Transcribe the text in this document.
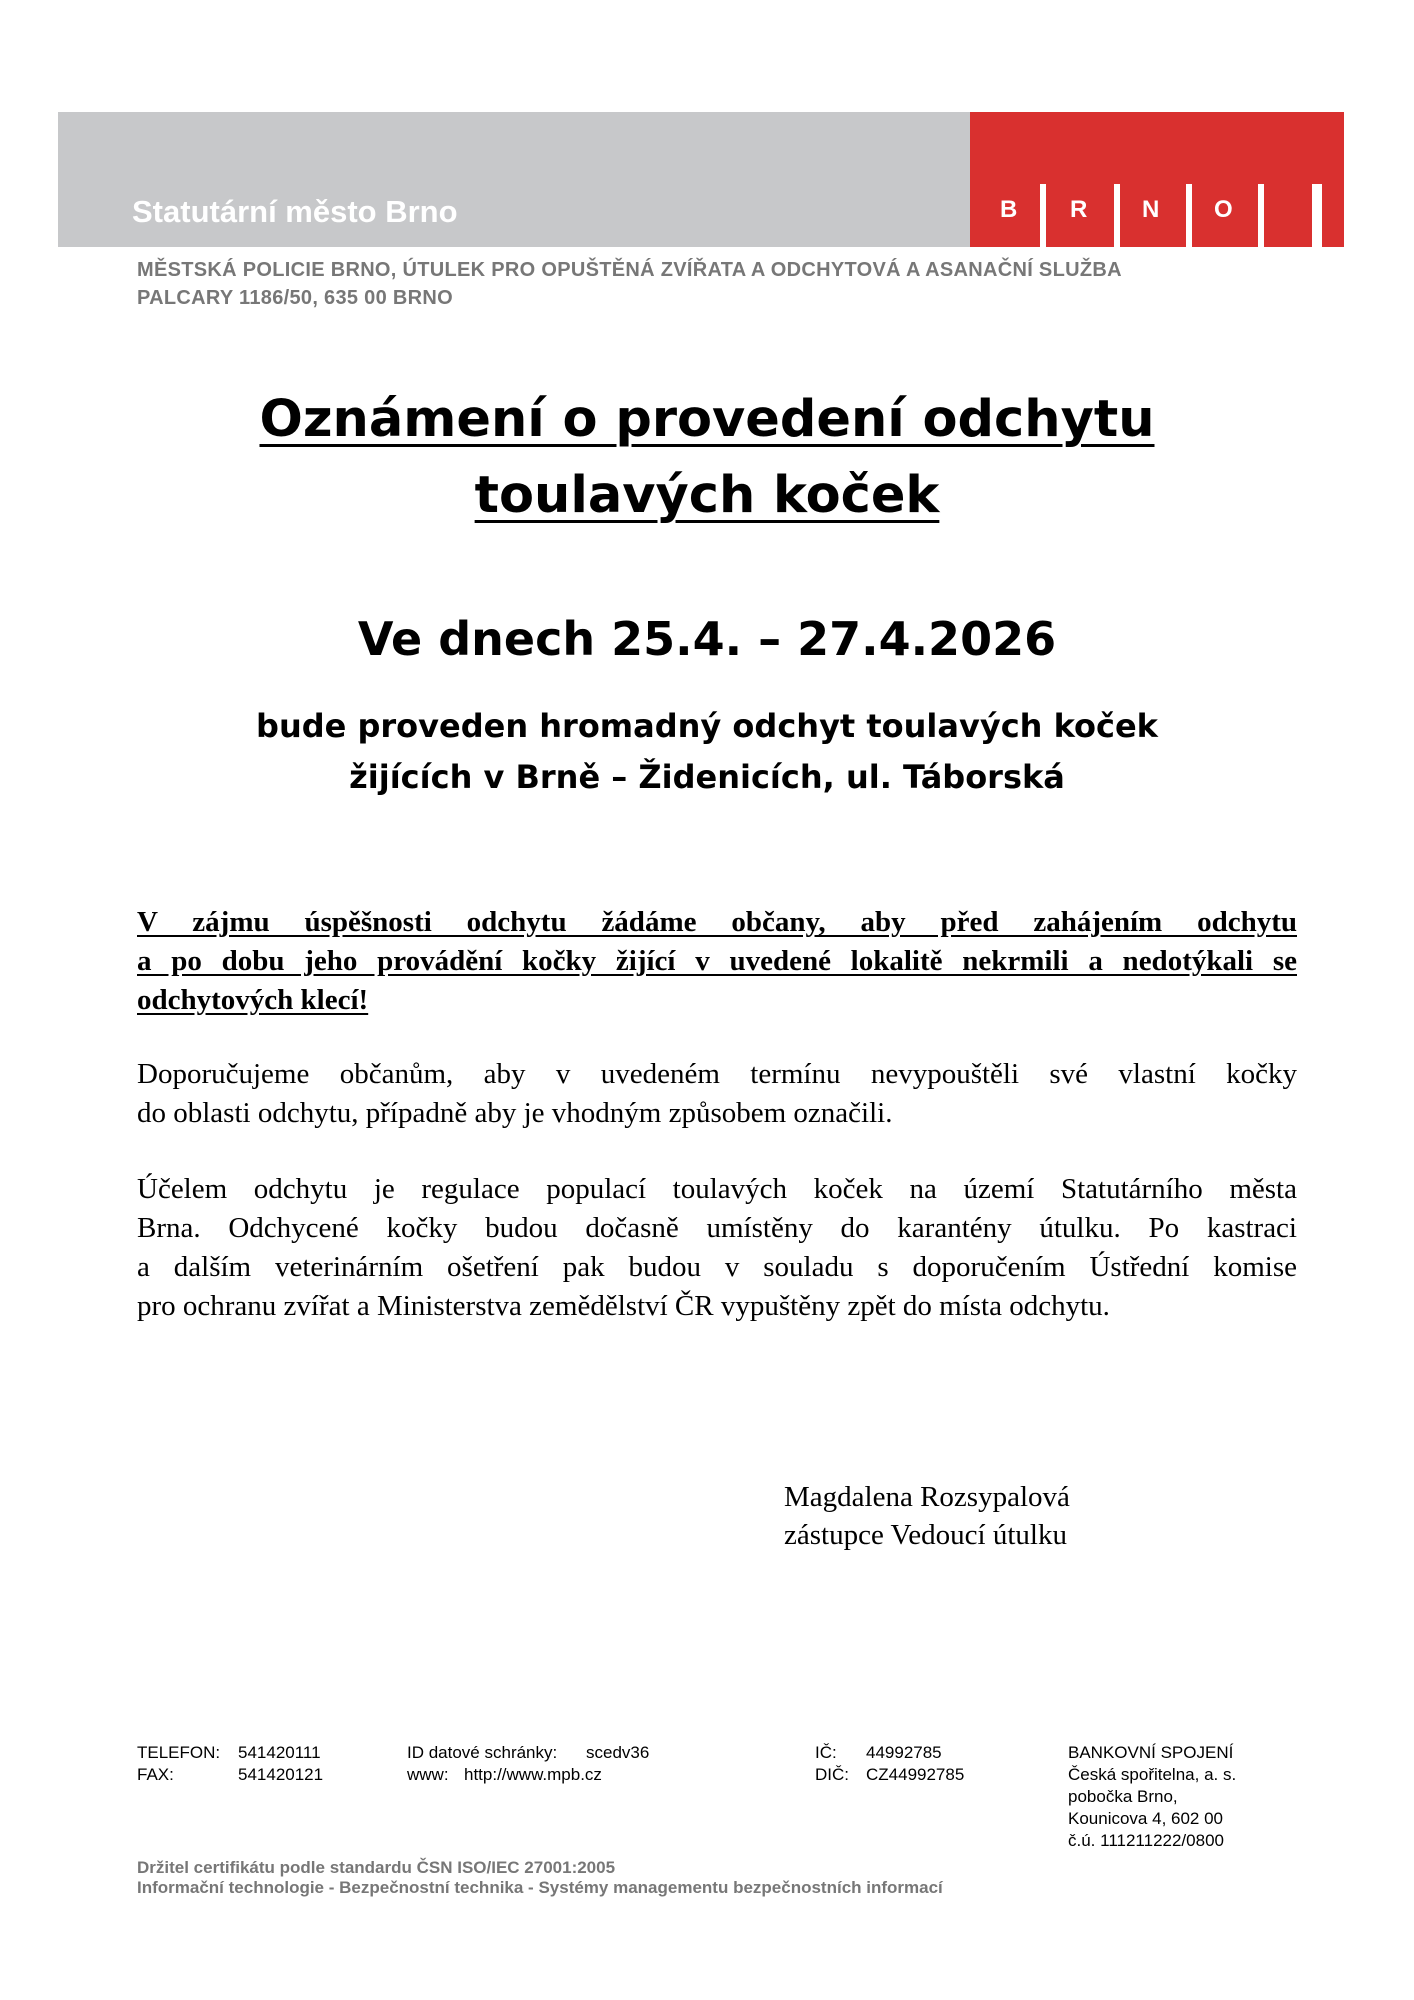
Statutární město Brno	B R N O
MĚSTSKÁ POLICIE BRNO, ÚTULEK PRO OPUŠTĚNÁ ZVÍŘATA A ODCHYTOVÁ A ASANAČNÍ SLUŽBA
PALCARY 1186/50, 635 00 BRNO
Oznámení o provedení odchytu
toulavých koček
Ve dnech 25.4. – 27.4.2026
bude proveden hromadný odchyt toulavých koček
žijících v Brně – Židenicích, ul. Táborská
V zájmu úspěšnosti odchytu žádáme občany, aby před zahájením odchytu
a po dobu jeho provádění kočky žijící v uvedené lokalitě nekrmili a nedotýkali se
odchytových klecí!
Doporučujeme občanům, aby v uvedeném termínu nevypouštěli své vlastní kočky
do oblasti odchytu, případně aby je vhodným způsobem označili.
Účelem odchytu je regulace populací toulavých koček na území Statutárního města
Brna. Odchycené kočky budou dočasně umístěny do karantény útulku. Po kastraci
a dalším veterinárním ošetření pak budou v souladu s doporučením Ústřední komise
pro ochranu zvířat a Ministerstva zemědělství ČR vypuštěny zpět do místa odchytu.
Magdalena Rozsypalová
zástupce Vedoucí útulku
TELEFON: 541420111
FAX:	541420121
ID datové schránky: scedv36
www: http://www.mpb.cz
IČ: 44992785
DIČ: CZ44992785
BANKOVNÍ SPOJENÍ
Česká spořitelna, a. s.
pobočka Brno,
Kounicova 4, 602 00
č.ú. 111211222/0800
Držitel certifikátu podle standardu ČSN ISO/IEC 27001:2005
Informační technologie - Bezpečnostní technika - Systémy managementu bezpečnostních informací
